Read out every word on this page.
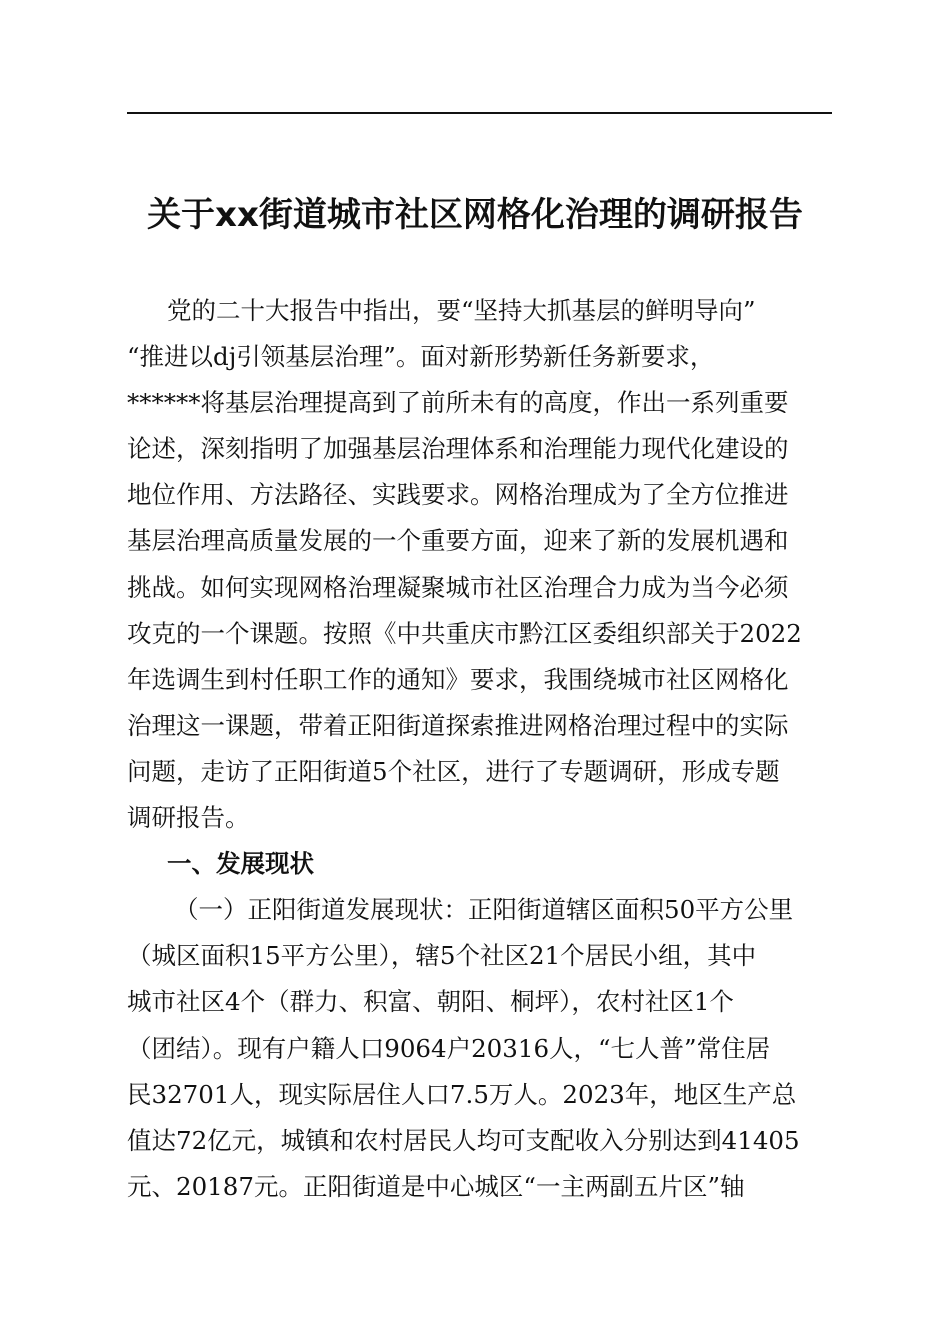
关于xx街道城市社区网格化治理的调研报告
党的二十大报告中指出，要“坚持大抓基层的鲜明导向”
“推进以dj引领基层治理”。面对新形势新任务新要求，
******将基层治理提高到了前所未有的高度，作出一系列重要
论述，深刻指明了加强基层治理体系和治理能力现代化建设的
地位作用、方法路径、实践要求。网格治理成为了全方位推进
基层治理高质量发展的一个重要方面，迎来了新的发展机遇和
挑战。如何实现网格治理凝聚城市社区治理合力成为当今必须
攻克的一个课题。按照《中共重庆市黔江区委组织部关于2022
年选调生到村任职工作的通知》要求，我围绕城市社区网格化
治理这一课题，带着正阳街道探索推进网格治理过程中的实际
问题，走访了正阳街道5个社区，进行了专题调研，形成专题
调研报告。
一、发展现状
（一）正阳街道发展现状：正阳街道辖区面积50平方公里
（城区面积15平方公里），辖5个社区21个居民小组，其中
城市社区4个（群力、积富、朝阳、桐坪），农村社区1个
（团结）。现有户籍人口9064户20316人，“七人普”常住居
民32701人，现实际居住人口7.5万人。2023年，地区生产总
值达72亿元，城镇和农村居民人均可支配收入分别达到41405
元、20187元。正阳街道是中心城区“一主两副五片区”轴
